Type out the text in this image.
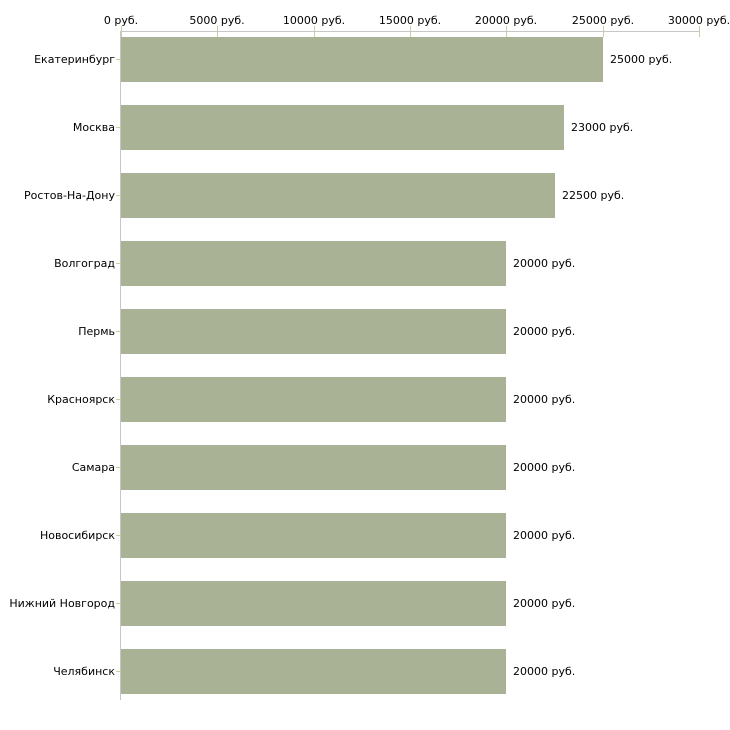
0 руб.	5000 руб.	10000 руб.	15000 руб.	20000 руб.	25000 руб.	30000 руб.
Екатеринбург	25000 руб.
Москва	23000 руб.
Ростов-На-Дону	22500 руб.
Волгоград	20000 руб.
Пермь	20000 руб.
Красноярск	20000 руб.
Самара	20000 руб.
Новосибирск	20000 руб.
Нижний Новгород	20000 руб.
Челябинск	20000 руб.
